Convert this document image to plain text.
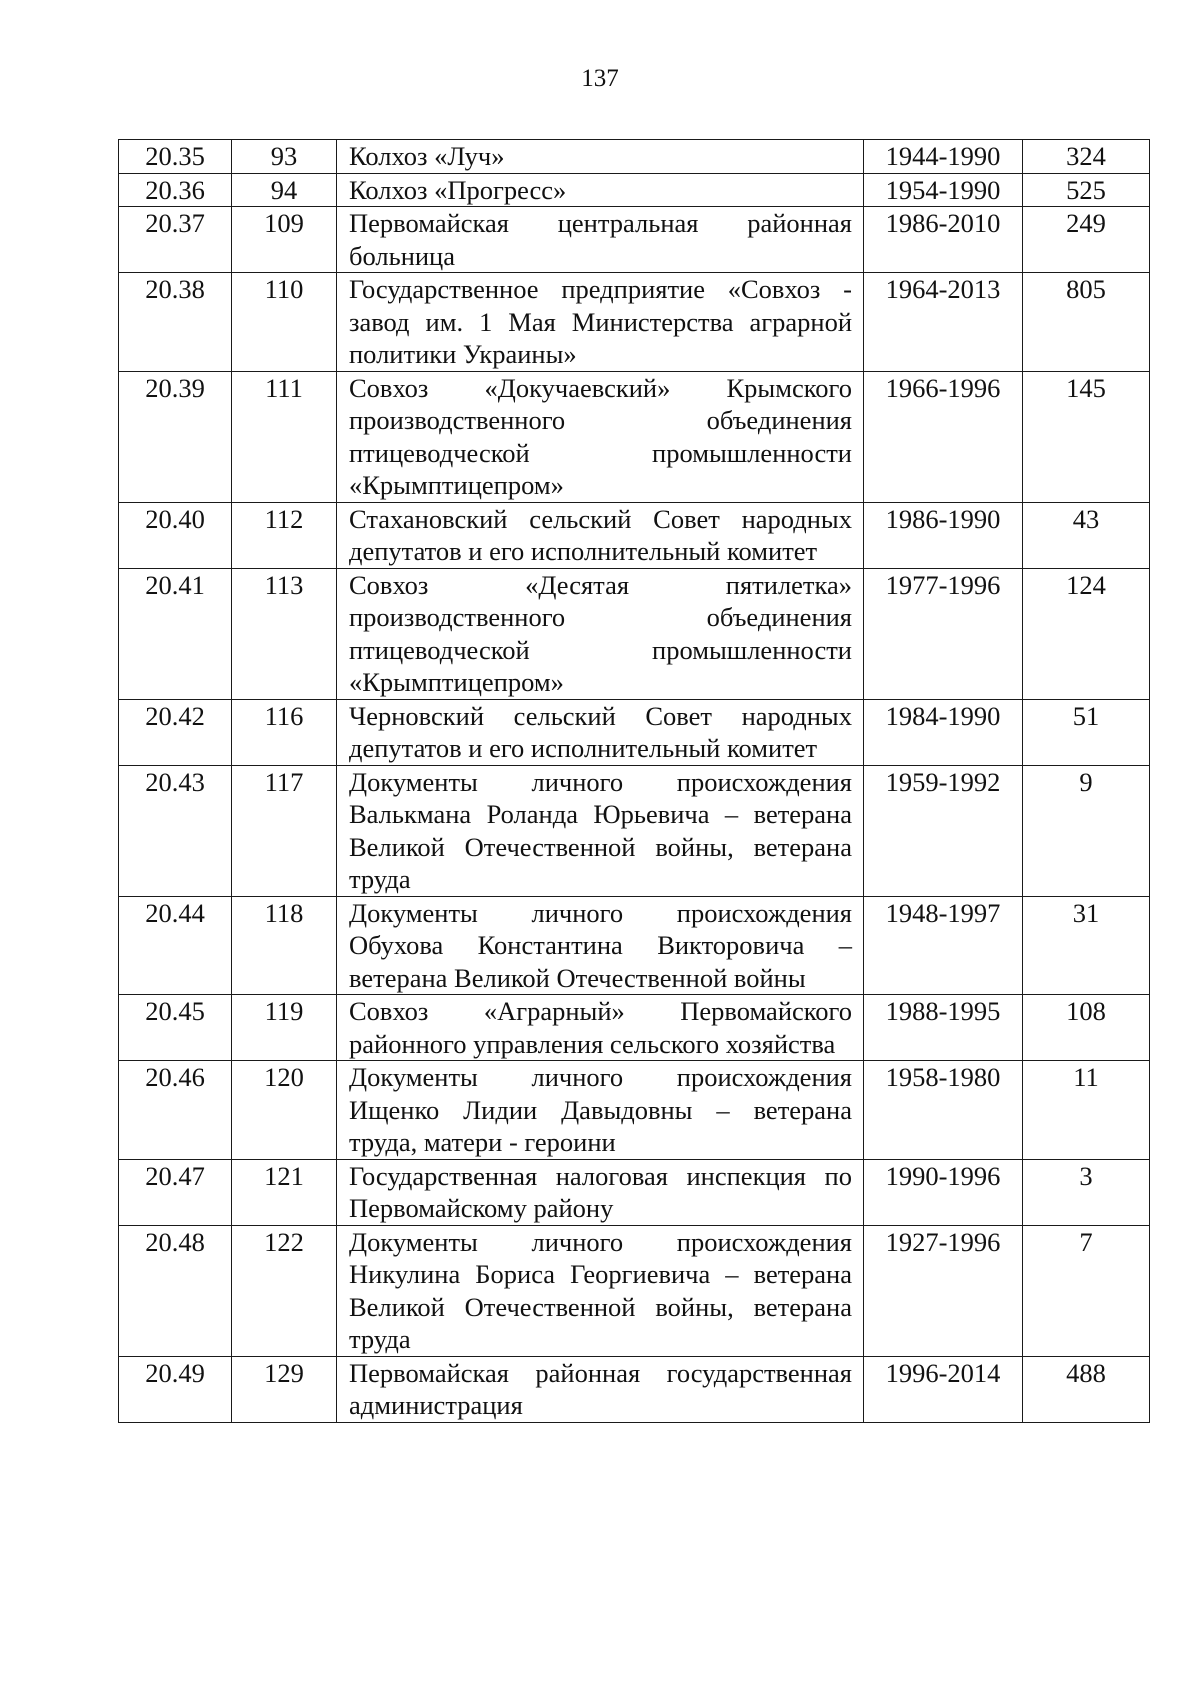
137
20.35	93	Колхоз «Луч»	1944-1990	324
20.36	94	Колхоз «Прогресс»	1954-1990	525
20.37	109	Первомайская центральная районная больница	1986-2010	249
20.38	110	Государственное предприятие «Совхоз - завод им. 1 Мая Министерства аграрной политики Украины»	1964-2013	805
20.39	111	Совхоз «Докучаевский» Крымского производственного объединения птицеводческой промышленности «Крымптицепром»	1966-1996	145
20.40	112	Стахановский сельский Совет народных депутатов и его исполнительный комитет	1986-1990	43
20.41	113	Совхоз «Десятая пятилетка» производственного объединения птицеводческой промышленности «Крымптицепром»	1977-1996	124
20.42	116	Черновский сельский Совет народных депутатов и его исполнительный комитет	1984-1990	51
20.43	117	Документы личного происхождения Валькмана Роланда Юрьевича – ветерана Великой Отечественной войны, ветерана труда	1959-1992	9
20.44	118	Документы личного происхождения Обухова Константина Викторовича – ветерана Великой Отечественной войны	1948-1997	31
20.45	119	Совхоз «Аграрный» Первомайского районного управления сельского хозяйства	1988-1995	108
20.46	120	Документы личного происхождения Ищенко Лидии Давыдовны – ветерана труда, матери - героини	1958-1980	11
20.47	121	Государственная налоговая инспекция по Первомайскому району	1990-1996	3
20.48	122	Документы личного происхождения Никулина Бориса Георгиевича – ветерана Великой Отечественной войны, ветерана труда	1927-1996	7
20.49	129	Первомайская районная государственная администрация	1996-2014	488
